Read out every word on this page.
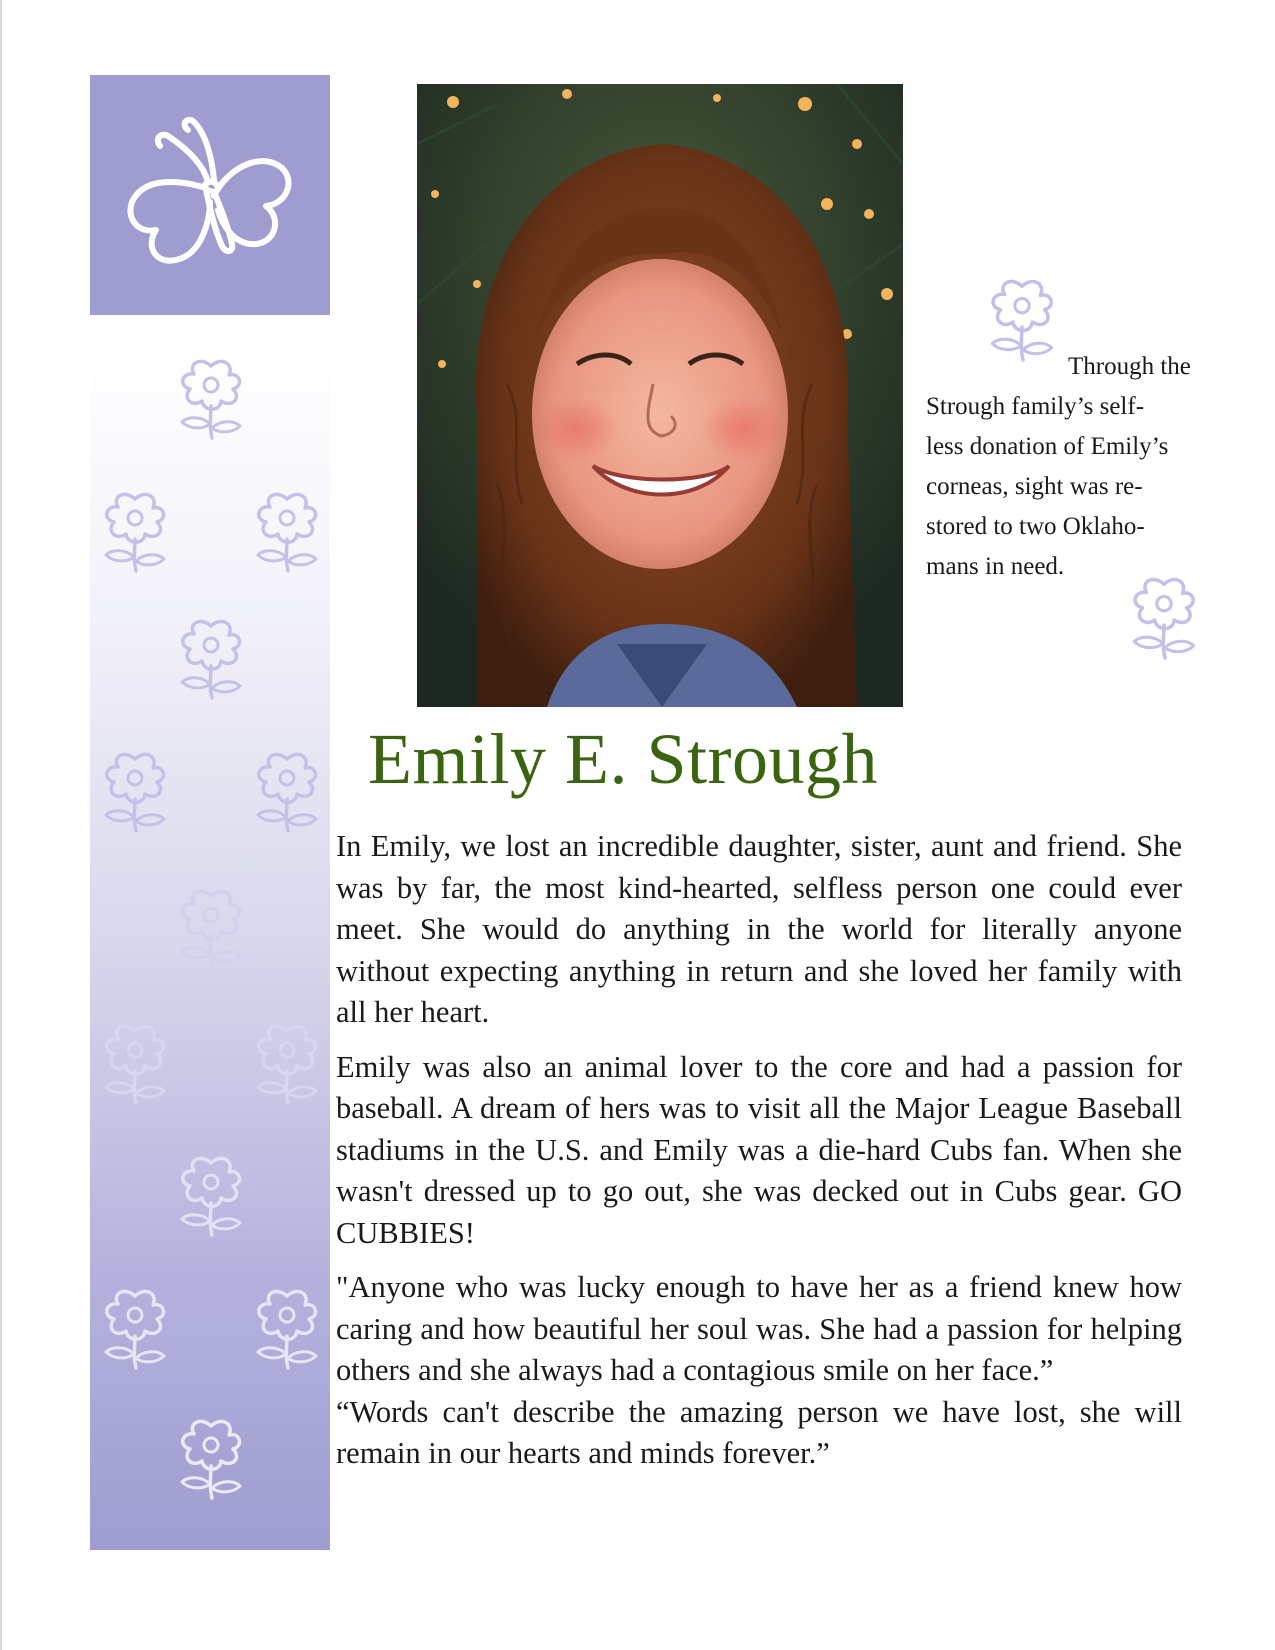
Through the
Strough family’s self-
less donation of Emily’s
corneas, sight was re-
stored to two Oklaho-
mans in need.

Emily E. Strough

In Emily, we lost an incredible daughter, sister, aunt and friend. She was by far, the most kind-hearted, selfless person one could ever meet. She would do anything in the world for literally anyone without expecting anything in return and she loved her family with all her heart.

Emily was also an animal lover to the core and had a passion for baseball. A dream of hers was to visit all the Major League Baseball stadiums in the U.S. and Emily was a die-hard Cubs fan. When she wasn't dressed up to go out, she was decked out in Cubs gear. GO CUBBIES!

"Anyone who was lucky enough to have her as a friend knew how caring and how beautiful her soul was. She had a passion for helping others and she always had a contagious smile on her face.”

“Words can't describe the amazing person we have lost, she will remain in our hearts and minds forever.”
